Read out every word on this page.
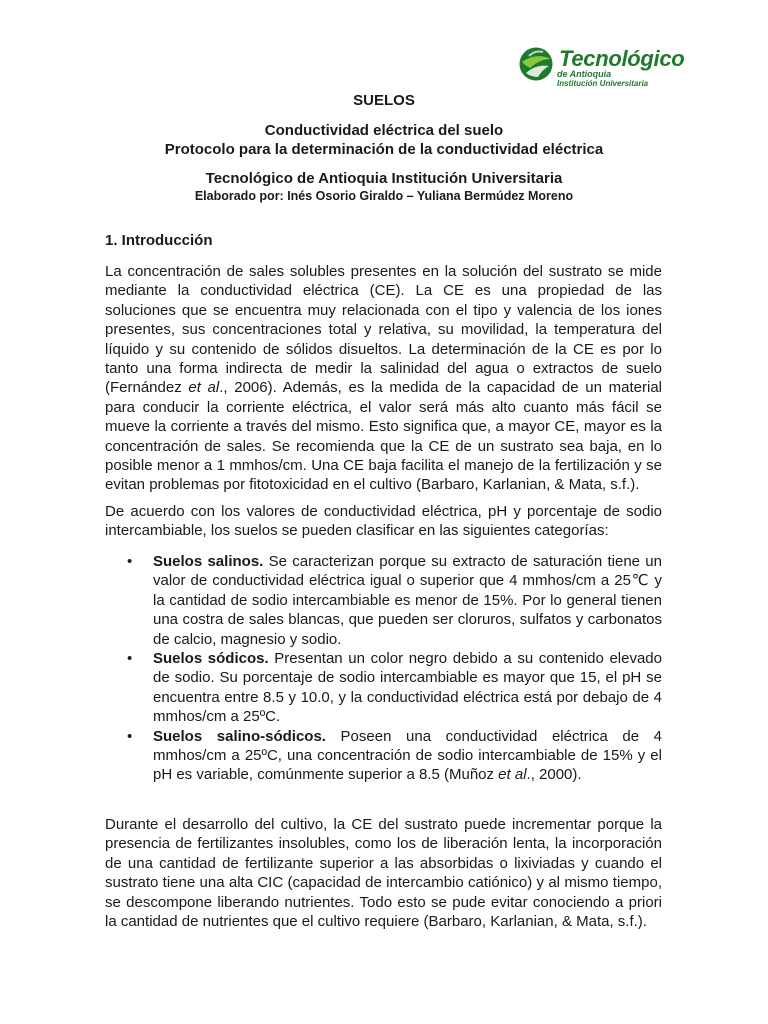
Tecnológico
de Antioquia
Institución Universitaria
SUELOS
Conductividad eléctrica del suelo
Protocolo para la determinación de la conductividad eléctrica
Tecnológico de Antioquia Institución Universitaria
Elaborado por: Inés Osorio Giraldo – Yuliana Bermúdez Moreno
1. Introducción
La concentración de sales solubles presentes en la solución del sustrato se mide mediante la conductividad eléctrica (CE). La CE es una propiedad de las soluciones que se encuentra muy relacionada con el tipo y valencia de los iones presentes, sus concentraciones total y relativa, su movilidad, la temperatura del líquido y su contenido de sólidos disueltos. La determinación de la CE es por lo tanto una forma indirecta de medir la salinidad del agua o extractos de suelo (Fernández et al., 2006). Además, es la medida de la capacidad de un material para conducir la corriente eléctrica, el valor será más alto cuanto más fácil se mueve la corriente a través del mismo. Esto significa que, a mayor CE, mayor es la concentración de sales. Se recomienda que la CE de un sustrato sea baja, en lo posible menor a 1 mmhos/cm. Una CE baja facilita el manejo de la fertilización y se evitan problemas por fitotoxicidad en el cultivo (Barbaro, Karlanian, & Mata, s.f.).
De acuerdo con los valores de conductividad eléctrica, pH y porcentaje de sodio intercambiable, los suelos se pueden clasificar en las siguientes categorías:
• Suelos salinos. Se caracterizan porque su extracto de saturación tiene un valor de conductividad eléctrica igual o superior que 4 mmhos/cm a 25℃ y la cantidad de sodio intercambiable es menor de 15%. Por lo general tienen una costra de sales blancas, que pueden ser cloruros, sulfatos y carbonatos de calcio, magnesio y sodio.
• Suelos sódicos. Presentan un color negro debido a su contenido elevado de sodio. Su porcentaje de sodio intercambiable es mayor que 15, el pH se encuentra entre 8.5 y 10.0, y la conductividad eléctrica está por debajo de 4 mmhos/cm a 25ºC.
• Suelos salino-sódicos. Poseen una conductividad eléctrica de 4 mmhos/cm a 25ºC, una concentración de sodio intercambiable de 15% y el pH es variable, comúnmente superior a 8.5 (Muñoz et al., 2000).
Durante el desarrollo del cultivo, la CE del sustrato puede incrementar porque la presencia de fertilizantes insolubles, como los de liberación lenta, la incorporación de una cantidad de fertilizante superior a las absorbidas o lixiviadas y cuando el sustrato tiene una alta CIC (capacidad de intercambio catiónico) y al mismo tiempo, se descompone liberando nutrientes. Todo esto se pude evitar conociendo a priori la cantidad de nutrientes que el cultivo requiere (Barbaro, Karlanian, & Mata, s.f.).
